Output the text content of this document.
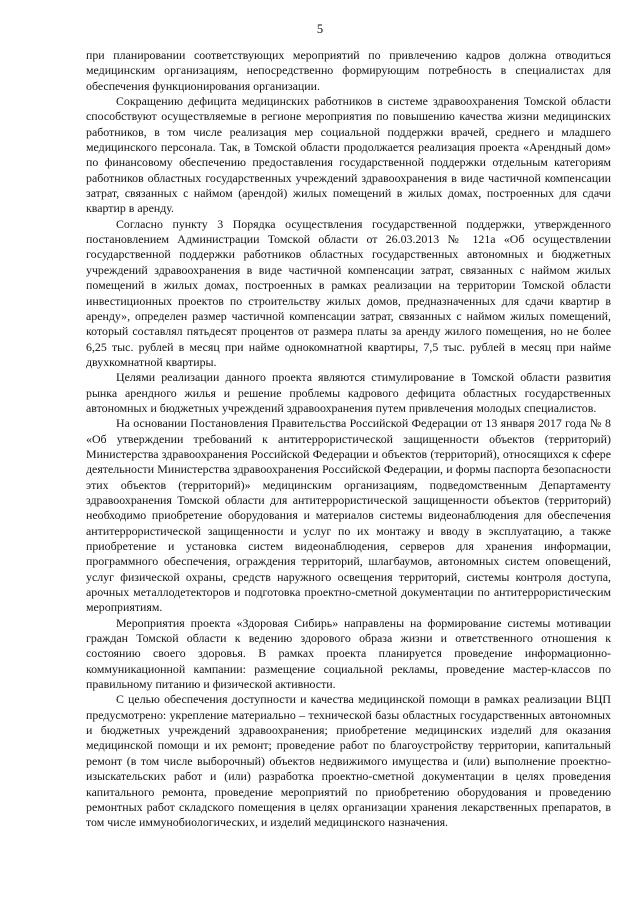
5

при планировании соответствующих мероприятий по привлечению кадров должна отводиться медицинским организациям, непосредственно формирующим потребность в специалистах для обеспечения функционирования организации.

Сокращению дефицита медицинских работников в системе здравоохранения Томской области способствуют осуществляемые в регионе мероприятия по повышению качества жизни медицинских работников, в том числе реализация мер социальной поддержки врачей, среднего и младшего медицинского персонала. Так, в Томской области продолжается реализация проекта «Арендный дом» по финансовому обеспечению предоставления государственной поддержки отдельным категориям работников областных государственных учреждений здравоохранения в виде частичной компенсации затрат, связанных с наймом (арендой) жилых помещений в жилых домах, построенных для сдачи квартир в аренду.

Согласно пункту 3 Порядка осуществления государственной поддержки, утвержденного постановлением Администрации Томской области от 26.03.2013 № 121а «Об осуществлении государственной поддержки работников областных государственных автономных и бюджетных учреждений здравоохранения в виде частичной компенсации затрат, связанных с наймом жилых помещений в жилых домах, построенных в рамках реализации на территории Томской области инвестиционных проектов по строительству жилых домов, предназначенных для сдачи квартир в аренду», определен размер частичной компенсации затрат, связанных с наймом жилых помещений, который составлял пятьдесят процентов от размера платы за аренду жилого помещения, но не более 6,25 тыс. рублей в месяц при найме однокомнатной квартиры, 7,5 тыс. рублей в месяц при найме двухкомнатной квартиры.

Целями реализации данного проекта являются стимулирование в Томской области развития рынка арендного жилья и решение проблемы кадрового дефицита областных государственных автономных и бюджетных учреждений здравоохранения путем привлечения молодых специалистов.

На основании Постановления Правительства Российской Федерации от 13 января 2017 года № 8 «Об утверждении требований к антитеррористической защищенности объектов (территорий) Министерства здравоохранения Российской Федерации и объектов (территорий), относящихся к сфере деятельности Министерства здравоохранения Российской Федерации, и формы паспорта безопасности этих объектов (территорий)» медицинским организациям, подведомственным Департаменту здравоохранения Томской области для антитеррористической защищенности объектов (территорий) необходимо приобретение оборудования и материалов системы видеонаблюдения для обеспечения антитеррористической защищенности и услуг по их монтажу и вводу в эксплуатацию, а также приобретение и установка систем видеонаблюдения, серверов для хранения информации, программного обеспечения, ограждения территорий, шлагбаумов, автономных систем оповещений, услуг физической охраны, средств наружного освещения территорий, системы контроля доступа, арочных металлодетекторов и подготовка проектно-сметной документации по антитеррористическим мероприятиям.

Мероприятия проекта «Здоровая Сибирь» направлены на формирование системы мотивации граждан Томской области к ведению здорового образа жизни и ответственного отношения к состоянию своего здоровья. В рамках проекта планируется проведение информационно-коммуникационной кампании: размещение социальной рекламы, проведение мастер-классов по правильному питанию и физической активности.

С целью обеспечения доступности и качества медицинской помощи в рамках реализации ВЦП предусмотрено: укрепление материально – технической базы областных государственных автономных и бюджетных учреждений здравоохранения; приобретение медицинских изделий для оказания медицинской помощи и их ремонт; проведение работ по благоустройству территории, капитальный ремонт (в том числе выборочный) объектов недвижимого имущества и (или) выполнение проектно-изыскательских работ и (или) разработка проектно-сметной документации в целях проведения капитального ремонта, проведение мероприятий по приобретению оборудования и проведению ремонтных работ складского помещения в целях организации хранения лекарственных препаратов, в том числе иммунобиологических, и изделий медицинского назначения.
